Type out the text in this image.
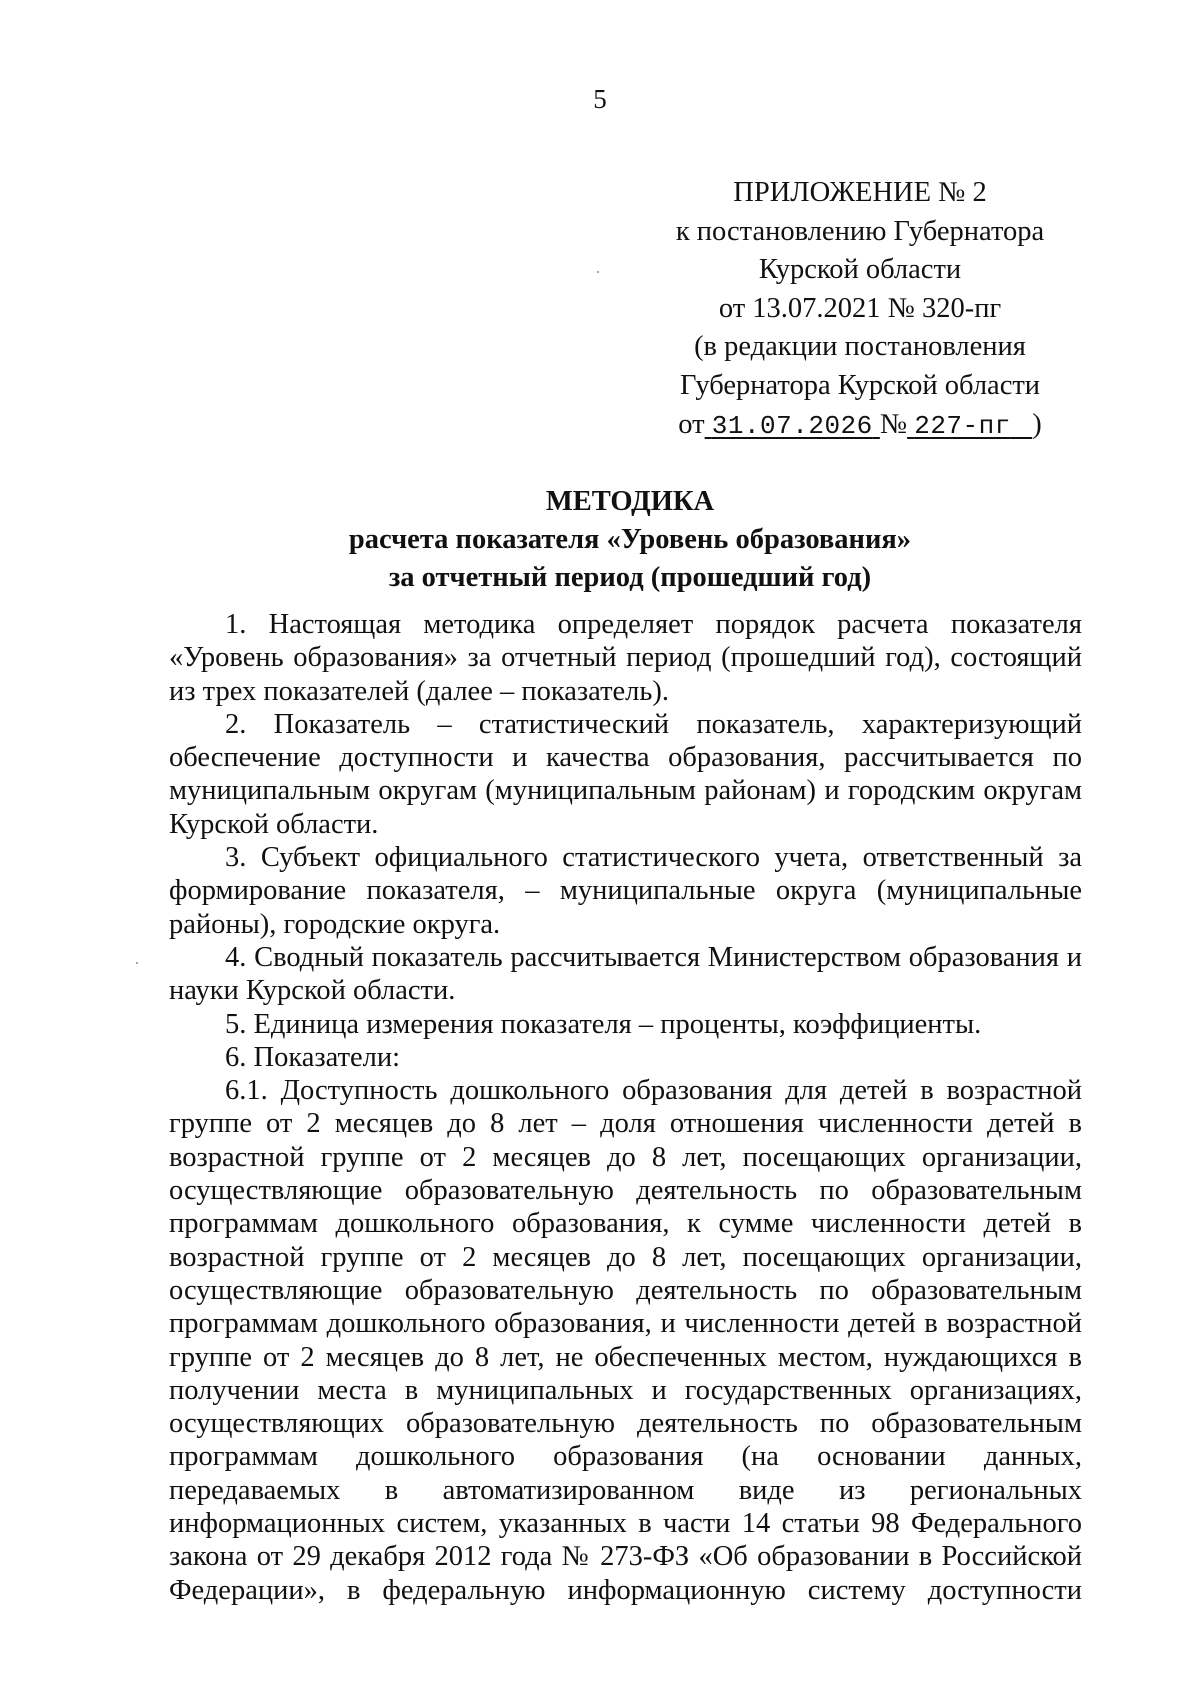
5
ПРИЛОЖЕНИЕ № 2
к постановлению Губернатора
Курской области
от 13.07.2021 № 320-пг
(в редакции постановления
Губернатора Курской области
от 31.07.2026 № 227-пг )
МЕТОДИКА
расчета показателя «Уровень образования»
за отчетный период (прошедший год)

1. Настоящая методика определяет порядок расчета показателя «Уровень образования» за отчетный период (прошедший год), состоящий из трех показателей (далее – показатель).

2. Показатель – статистический показатель, характеризующий обеспечение доступности и качества образования, рассчитывается по муниципальным округам (муниципальным районам) и городским округам Курской области.

3. Субъект официального статистического учета, ответственный за формирование показателя, – муниципальные округа (муниципальные районы), городские округа.

4. Сводный показатель рассчитывается Министерством образования и науки Курской области.

5. Единица измерения показателя – проценты, коэффициенты.

6. Показатели:

6.1. Доступность дошкольного образования для детей в возрастной группе от 2 месяцев до 8 лет – доля отношения численности детей в возрастной группе от 2 месяцев до 8 лет, посещающих организации, осуществляющие образовательную деятельность по образовательным программам дошкольного образования, к сумме численности детей в возрастной группе от 2 месяцев до 8 лет, посещающих организации, осуществляющие образовательную деятельность по образовательным программам дошкольного образования, и численности детей в возрастной группе от 2 месяцев до 8 лет, не обеспеченных местом, нуждающихся в получении места в муниципальных и государственных организациях, осуществляющих образовательную деятельность по образовательным программам дошкольного образования (на основании данных, передаваемых в автоматизированном виде из региональных информационных систем, указанных в части 14 статьи 98 Федерального закона от 29 декабря 2012 года № 273-ФЗ «Об образовании в Российской Федерации», в федеральную информационную систему доступности
